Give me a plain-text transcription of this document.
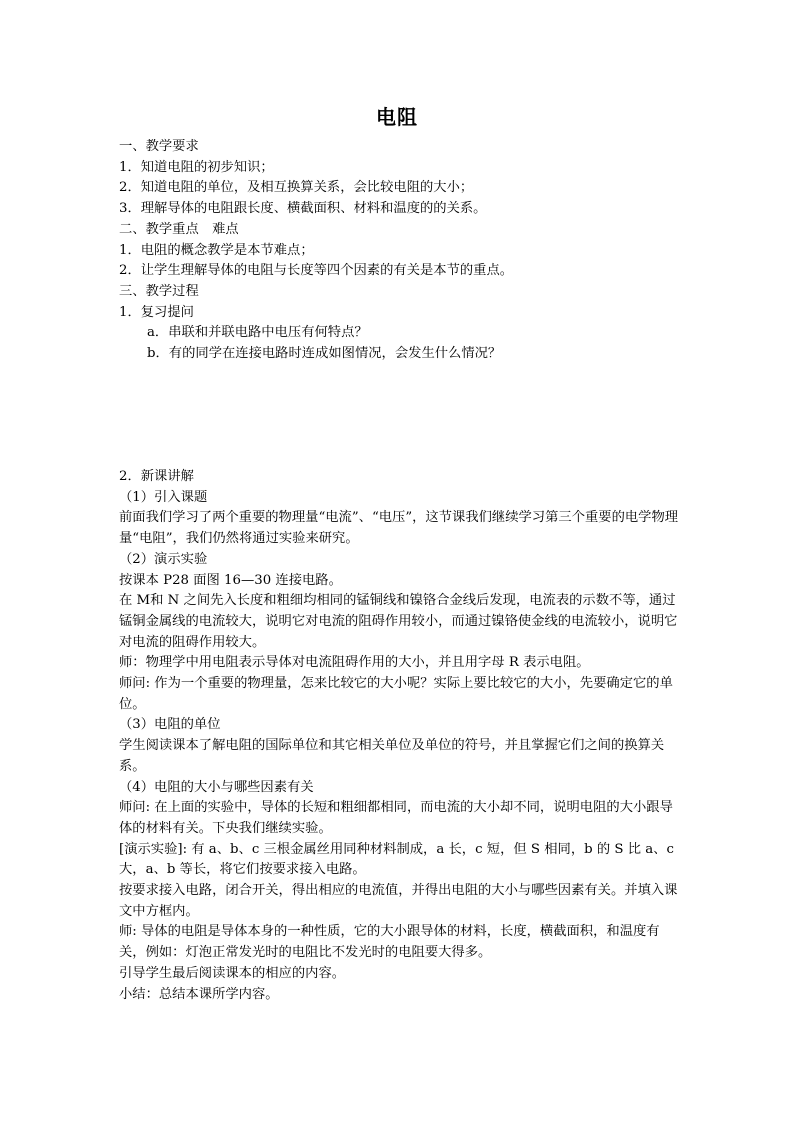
电阻

一、教学要求

1．知道电阻的初步知识；

2．知道电阻的单位，及相互换算关系，会比较电阻的大小；

3．理解导体的电阻跟长度、横截面积、材料和温度的的关系。

二、教学重点　难点

1．电阻的概念教学是本节难点；

2．让学生理解导体的电阻与长度等四个因素的有关是本节的重点。

三、教学过程

1．复习提问

a．串联和并联电路中电压有何特点？

b．有的同学在连接电路时连成如图情况，会发生什么情况？

2．新课讲解

（1）引入课题

前面我们学习了两个重要的物理量“电流”、“电压”，这节课我们继续学习第三个重要的电学物理量“电阻”，我们仍然将通过实验来研究。

（2）演示实验

按课本 P28 面图 16—30 连接电路。

在 M和 N 之间先入长度和粗细均相同的锰铜线和镍铬合金线后发现，电流表的示数不等，通过锰铜金属线的电流较大，说明它对电流的阻碍作用较小，而通过镍铬使金线的电流较小，说明它对电流的阻碍作用较大。

师：物理学中用电阻表示导体对电流阻碍作用的大小，并且用字母 R 表示电阻。

师问: 作为一个重要的物理量，怎来比较它的大小呢？实际上要比较它的大小，先要确定它的单位。

（3）电阻的单位

学生阅读课本了解电阻的国际单位和其它相关单位及单位的符号，并且掌握它们之间的换算关系。

（4）电阻的大小与哪些因素有关

师问: 在上面的实验中，导体的长短和粗细都相同，而电流的大小却不同，说明电阻的大小跟导体的材料有关。下央我们继续实验。

[演示实验]: 有 a、b、c 三根金属丝用同种材料制成，a 长，c 短，但 S 相同，b 的 S 比 a、c大，a、b 等长，将它们按要求接入电路。

按要求接入电路，闭合开关，得出相应的电流值，并得出电阻的大小与哪些因素有关。并填入课文中方框内。

师: 导体的电阻是导体本身的一种性质，它的大小跟导体的材料，长度，横截面积，和温度有关，例如：灯泡正常发光时的电阻比不发光时的电阻要大得多。

引导学生最后阅读课本的相应的内容。

小结：总结本课所学内容。
